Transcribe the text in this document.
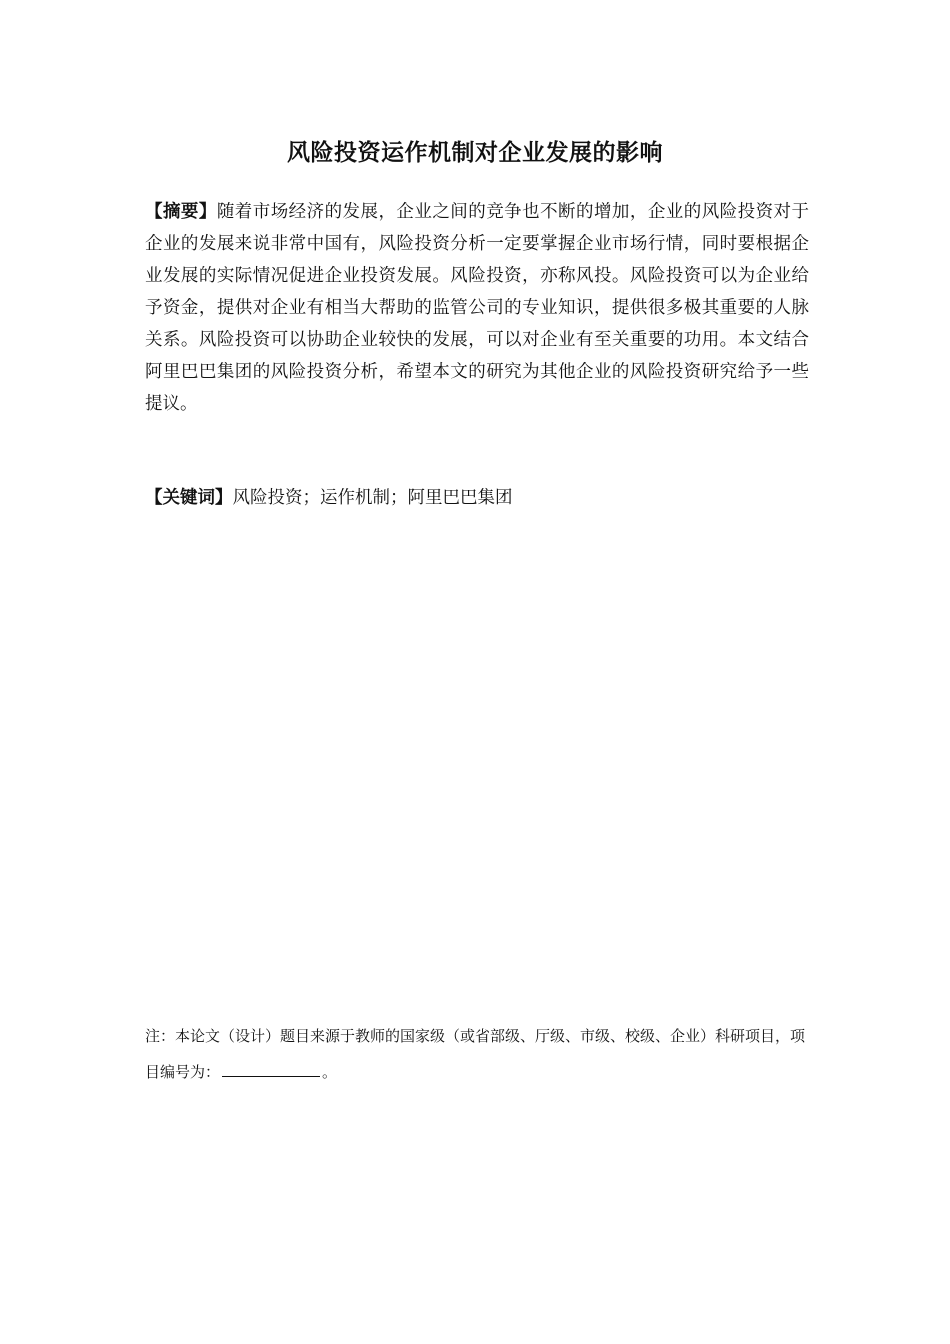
风险投资运作机制对企业发展的影响

【摘要】随着市场经济的发展，企业之间的竞争也不断的增加，企业的风险投资对于企业的发展来说非常中国有，风险投资分析一定要掌握企业市场行情，同时要根据企业发展的实际情况促进企业投资发展。风险投资，亦称风投。风险投资可以为企业给予资金，提供对企业有相当大帮助的监管公司的专业知识，提供很多极其重要的人脉关系。风险投资可以协助企业较快的发展，可以对企业有至关重要的功用。本文结合阿里巴巴集团的风险投资分析，希望本文的研究为其他企业的风险投资研究给予一些提议。

【关键词】风险投资；运作机制；阿里巴巴集团

注：本论文（设计）题目来源于教师的国家级（或省部级、厅级、市级、校级、企业）科研项目，项目编号为：	。
